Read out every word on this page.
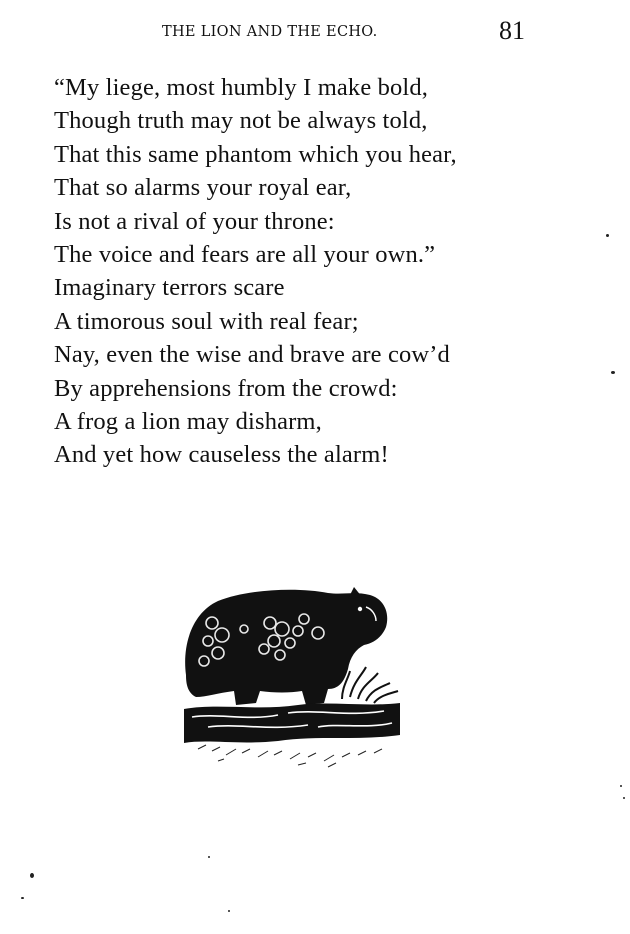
THE LION AND THE ECHO.	81
“My liege, most humbly I make bold,
Though truth may not be always told,
That this same phantom which you hear,
That so alarms your royal ear,
Is not a rival of your throne:
The voice and fears are all your own.”
Imaginary terrors scare
A timorous soul with real fear;
Nay, even the wise and brave are cow’d
By apprehensions from the crowd:
A frog a lion may disharm,
And yet how causeless the alarm!
